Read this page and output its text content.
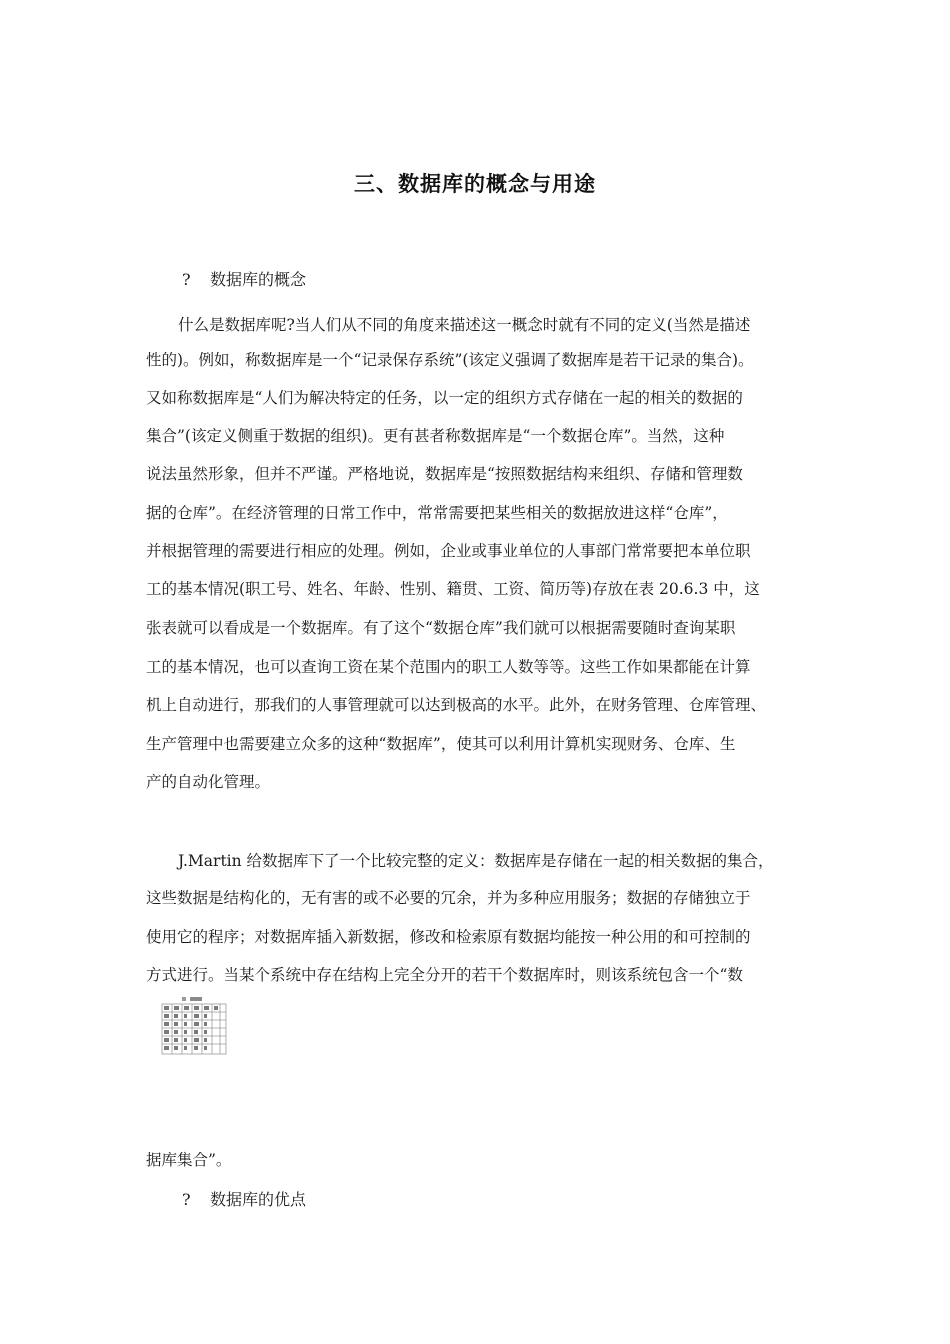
三、数据库的概念与用途
? 数据库的概念
什么是数据库呢?当人们从不同的角度来描述这一概念时就有不同的定义(当然是描述
性的)。例如，称数据库是一个“记录保存系统”(该定义强调了数据库是若干记录的集合)。
又如称数据库是“人们为解决特定的任务，以一定的组织方式存储在一起的相关的数据的
集合”(该定义侧重于数据的组织)。更有甚者称数据库是“一个数据仓库”。当然，这种
说法虽然形象，但并不严谨。严格地说，数据库是“按照数据结构来组织、存储和管理数
据的仓库”。在经济管理的日常工作中，常常需要把某些相关的数据放进这样“仓库”，
并根据管理的需要进行相应的处理。例如，企业或事业单位的人事部门常常要把本单位职
工的基本情况(职工号、姓名、年龄、性别、籍贯、工资、简历等)存放在表 20.6.3 中，这
张表就可以看成是一个数据库。有了这个“数据仓库”我们就可以根据需要随时查询某职
工的基本情况，也可以查询工资在某个范围内的职工人数等等。这些工作如果都能在计算
机上自动进行，那我们的人事管理就可以达到极高的水平。此外，在财务管理、仓库管理、
生产管理中也需要建立众多的这种“数据库”，使其可以利用计算机实现财务、仓库、生
产的自动化管理。
J.Martin 给数据库下了一个比较完整的定义：数据库是存储在一起的相关数据的集合，
这些数据是结构化的，无有害的或不必要的冗余，并为多种应用服务；数据的存储独立于
使用它的程序；对数据库插入新数据，修改和检索原有数据均能按一种公用的和可控制的
方式进行。当某个系统中存在结构上完全分开的若干个数据库时，则该系统包含一个“数
据库集合”。
? 数据库的优点
